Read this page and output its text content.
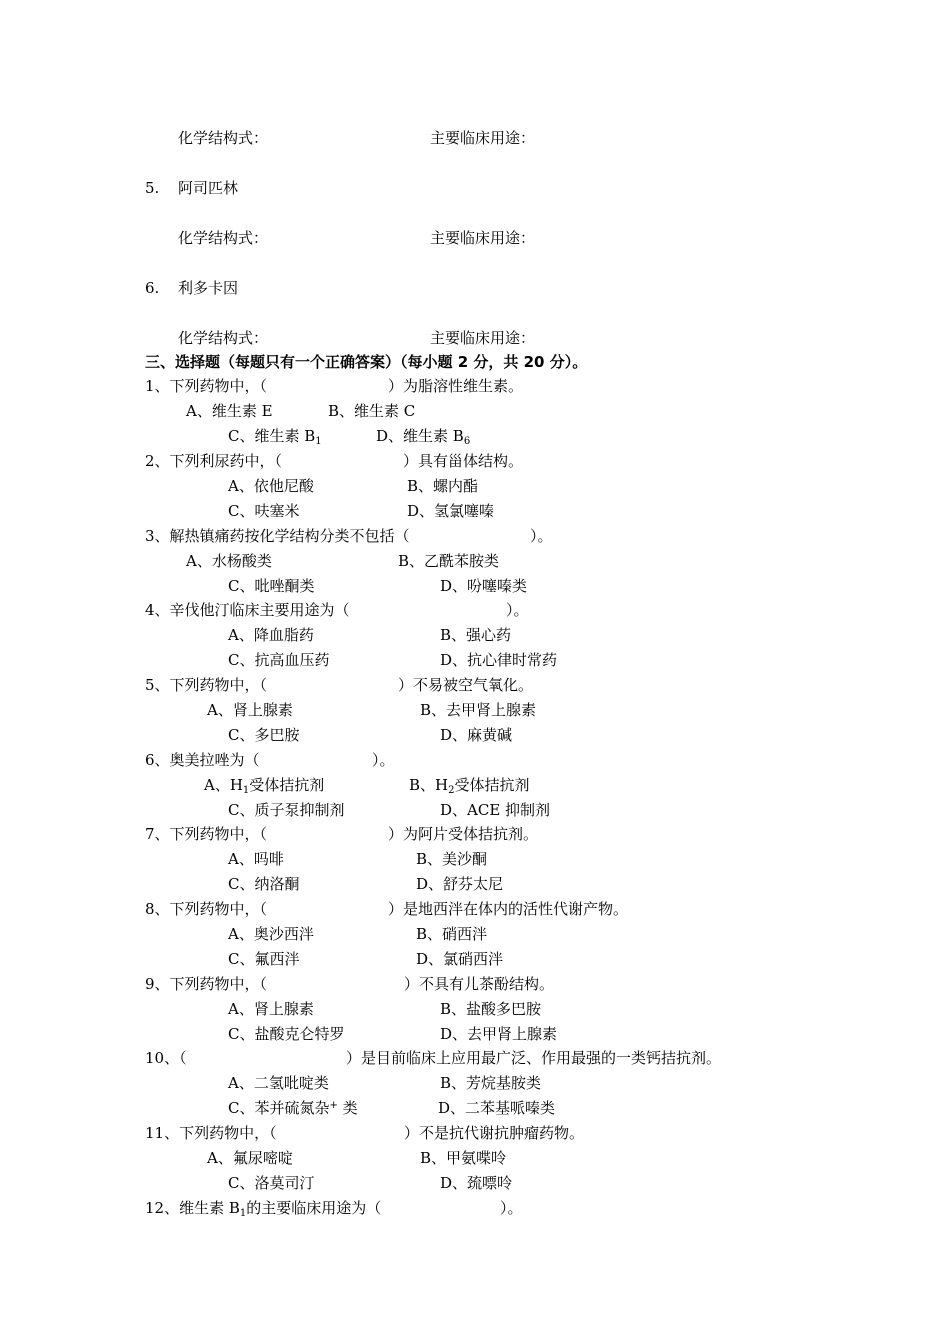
化学结构式：	主要临床用途：
5. 阿司匹林
化学结构式：	主要临床用途：
6. 利多卡因
化学结构式：	主要临床用途：
三、选择题（每题只有一个正确答案）（每小题 2 分，共 20 分）。
1、下列药物中，（	）为脂溶性维生素。
A、维生素 E	B、维生素 C
C、维生素 $B_1$	D、维生素 $B_6$
2、下列利尿药中，（	）具有甾体结构。
A、依他尼酸	B、螺内酯
C、呋塞米	D、氢氯噻嗪
3、解热镇痛药按化学结构分类不包括（	）。
A、水杨酸类	B、乙酰苯胺类
C、吡唑酮类	D、吩噻嗪类
4、辛伐他汀临床主要用途为（	）。
A、降血脂药	B、强心药
C、抗高血压药	D、抗心律时常药
5、下列药物中，（	）不易被空气氧化。
A、肾上腺素	B、去甲肾上腺素
C、多巴胺	D、麻黄碱
6、奥美拉唑为（	）。
A、$H_1$受体拮抗剂	B、$H_2$受体拮抗剂
C、质子泵抑制剂	D、ACE 抑制剂
7、下列药物中，（	）为阿片受体拮抗剂。
A、吗啡	B、美沙酮
C、纳洛酮	D、舒芬太尼
8、下列药物中，（	）是地西泮在体内的活性代谢产物。
A、奥沙西泮	B、硝西泮
C、氟西泮	D、氯硝西泮
9、下列药物中，（	）不具有儿茶酚结构。
A、肾上腺素	B、盐酸多巴胺
C、盐酸克仑特罗	D、去甲肾上腺素
10、（	）是目前临床上应用最广泛、作用最强的一类钙拮抗剂。
A、二氢吡啶类	B、芳烷基胺类
C、苯并硫氮杂+ 类	D、二苯基哌嗪类
11、下列药物中，（	）不是抗代谢抗肿瘤药物。
A、氟尿嘧啶	B、甲氨喋呤
C、洛莫司汀	D、巯嘌呤
12、维生素 $B_1$的主要临床用途为（	）。
